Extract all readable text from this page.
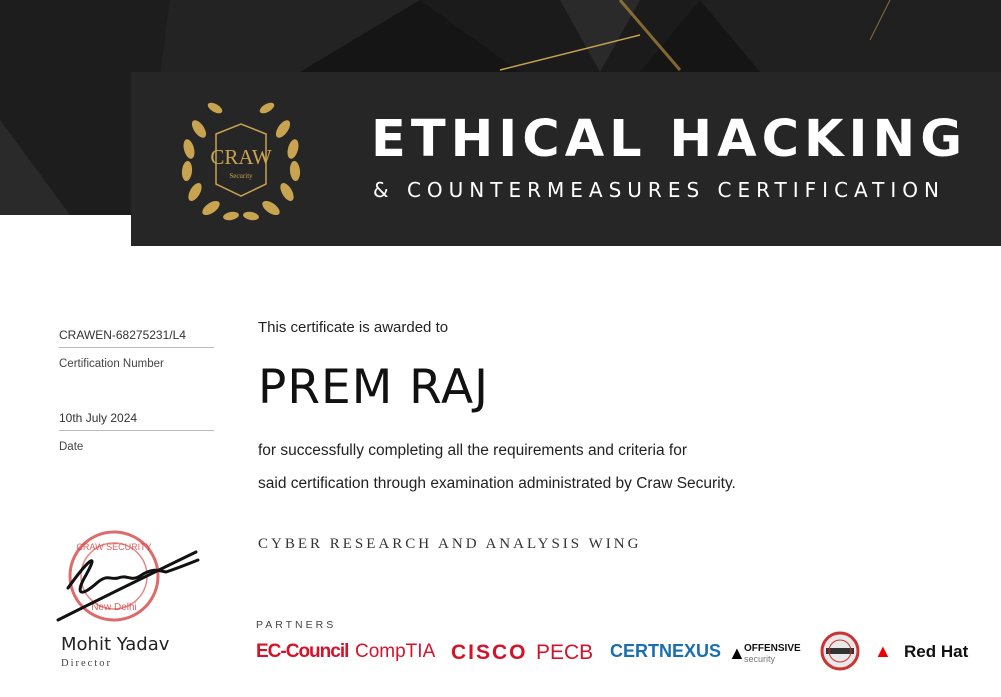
CRAW
Security
ETHICAL HACKING
& COUNTERMEASURES CERTIFICATION
CRAWEN-68275231/L4
Certification Number
10th July 2024
Date
This certificate is awarded to
PREM RAJ
for successfully completing all the requirements and criteria for
said certification through examination administrated by Craw Security.
CYBER RESEARCH AND ANALYSIS WING
CRAW SECURITY
New Delhi
Mohit Yadav
Director
PARTNERS
EC-Council CompTIA CISCO PECB CERTNEXUS ▲
OFFENSIVE
security	▲ Red Hat
